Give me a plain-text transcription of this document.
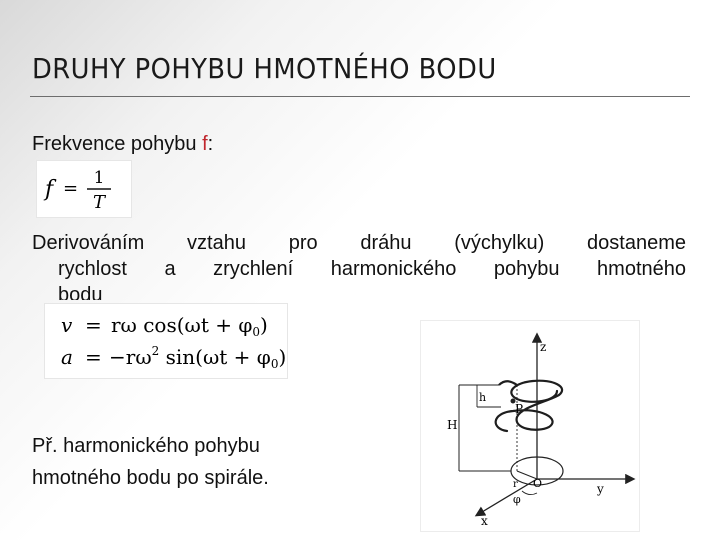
DRUHY POHYBU HMOTNÉHO BODU
Frekvence pohybu f:
f = 1
T
Derivováním vztahu pro dráhu (výchylku) dostaneme
rychlost a zrychlení harmonického pohybu hmotného
bodu
v = rω $\cos(\omega t + \varphi_0)$
$a = -r\omega^2$ $\sin(\omega t + \varphi_0)$
Př. harmonického pohybu
hmotného bodu po spirále.
z
y
x
O
r
φ
P
H
h
